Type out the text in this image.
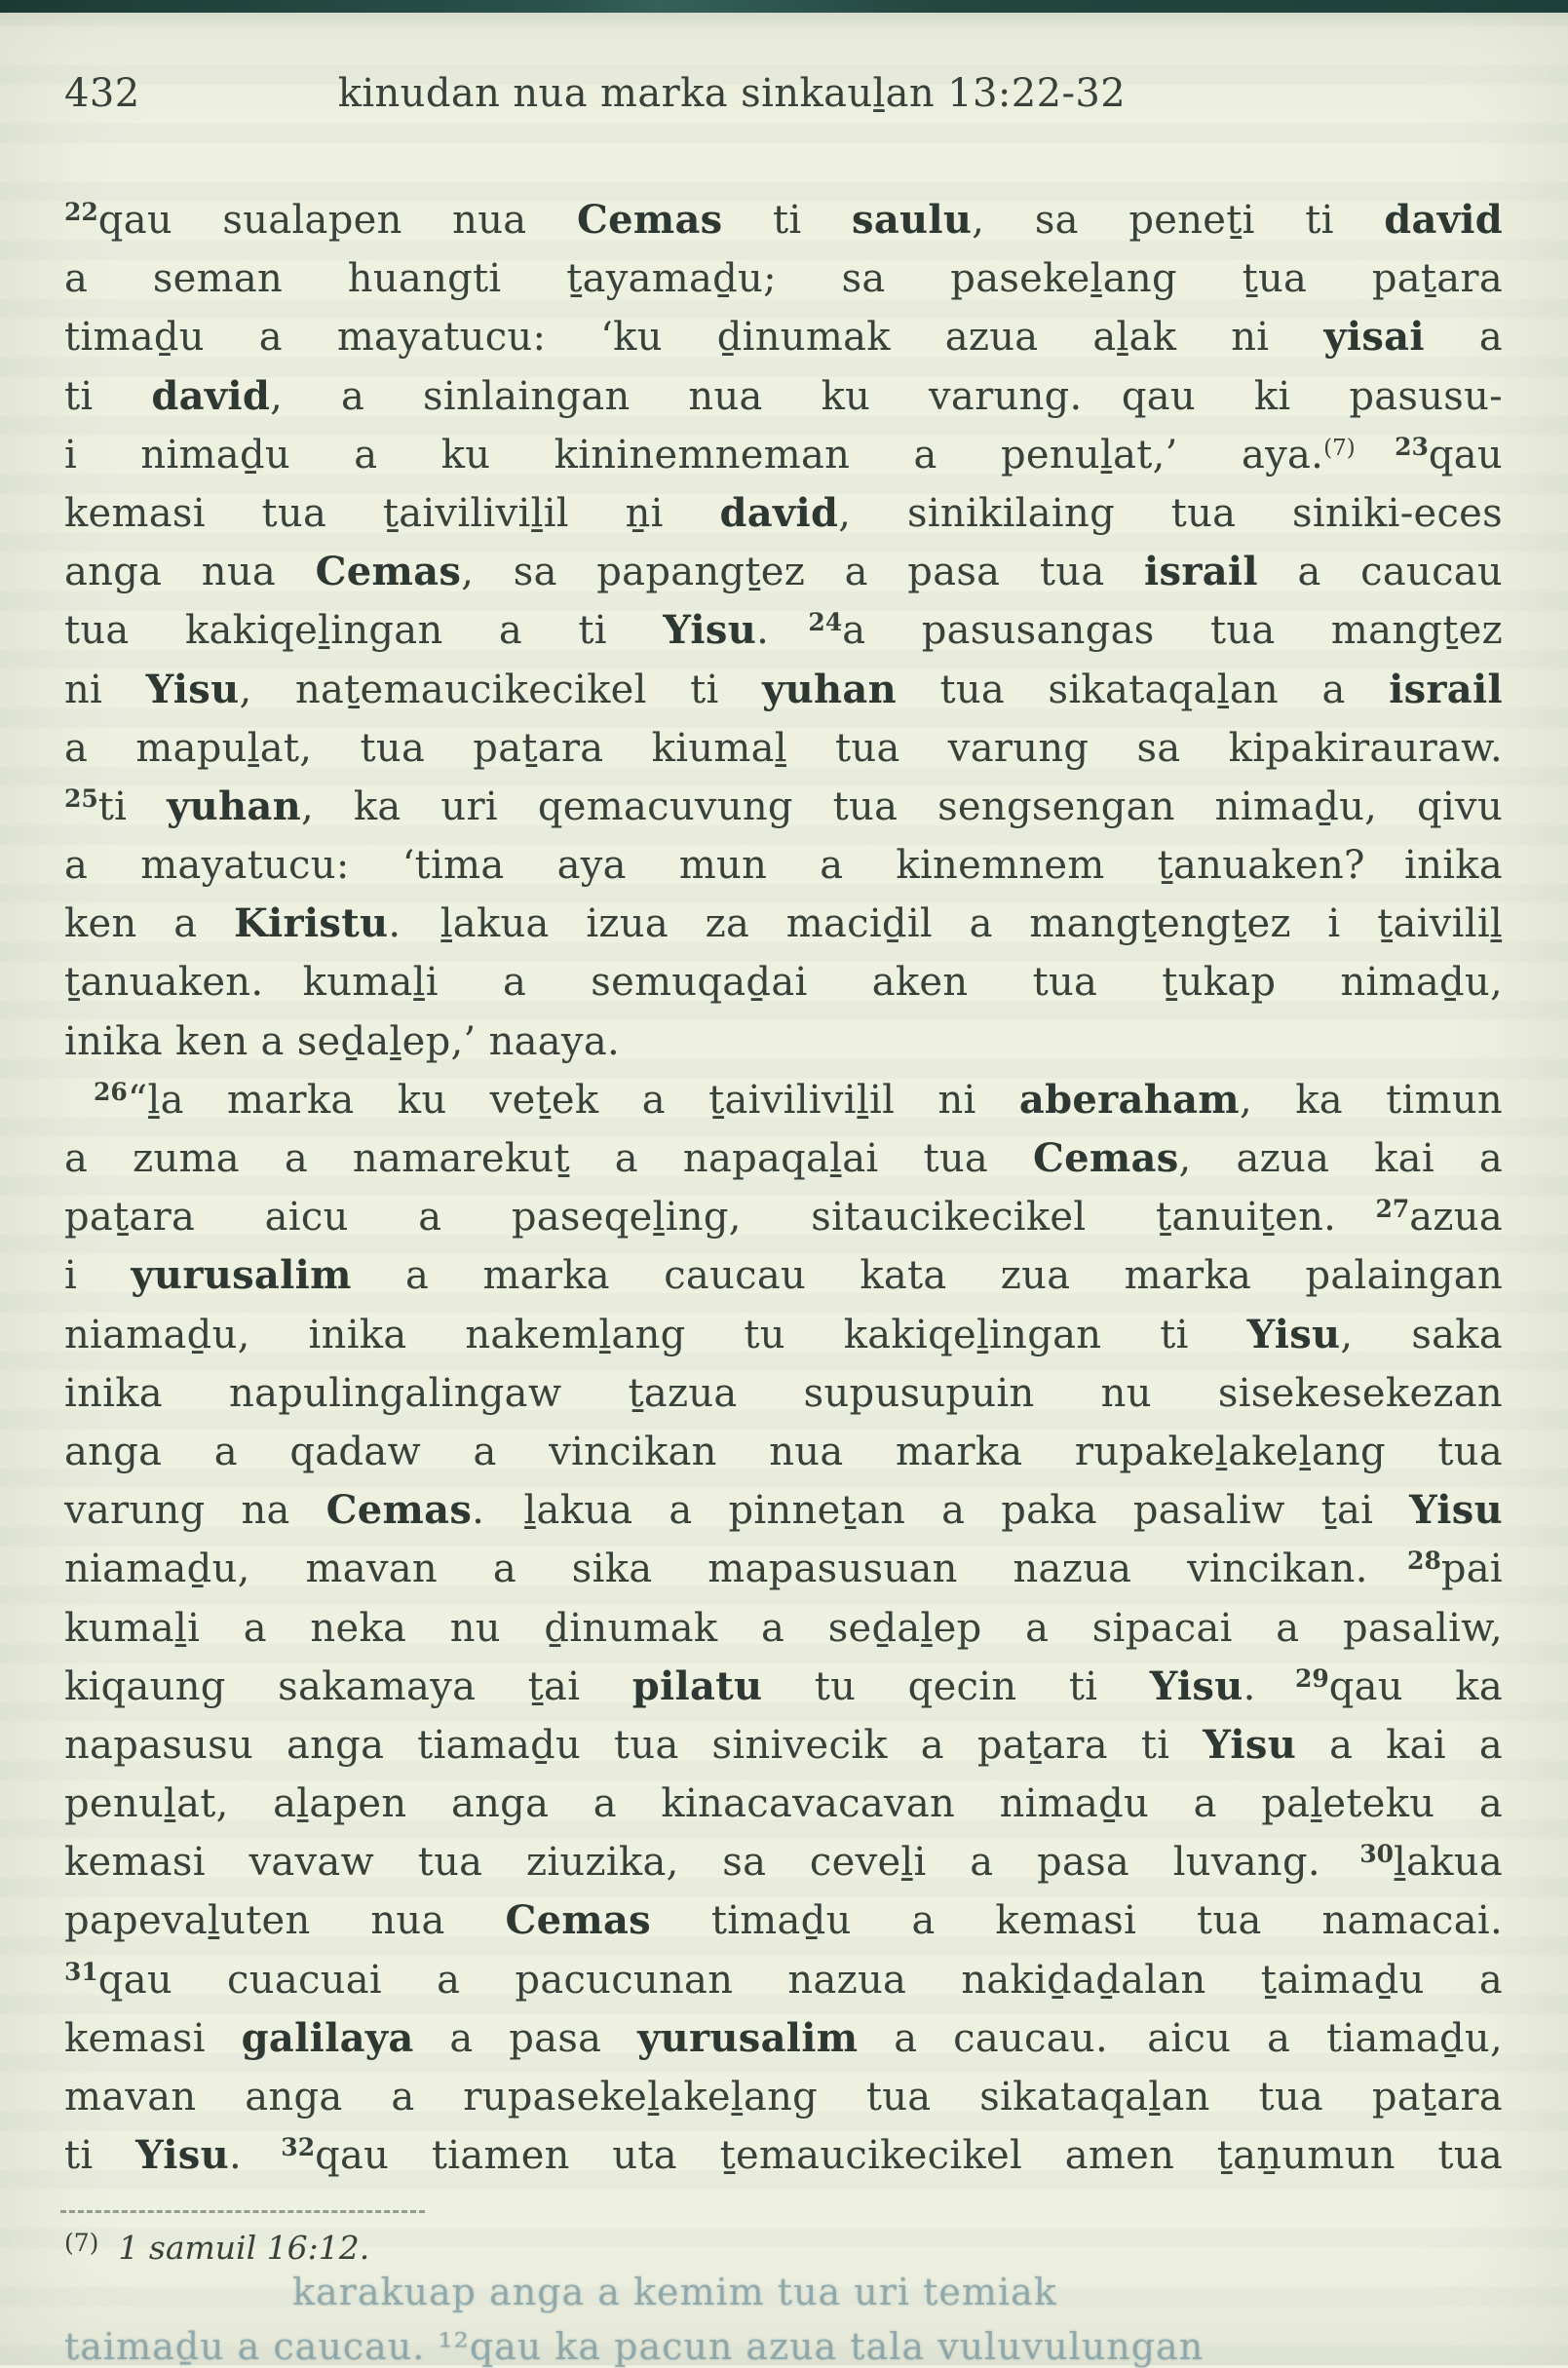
432	kinudan nua marka sinkauḻan 13:22-32
$^{22}$qau sualapen nua Cemas ti saulu, sa peneṯi ti david
a seman huangti ṯayamaḏu; sa pasekeḻang ṯua paṯara
timaḏu a mayatucu: ‘ku ḏinumak azua aḻak ni yisai a
ti david, a sinlaingan nua ku varung. qau ki pasusu-
i nimaḏu a ku kininemneman a penuḻat,’ aya.$^{(7)}$  $^{23}$qau
kemasi tua ṯaiviliviḻil ṉi david, sinikilaing tua siniki-eces
anga nua Cemas, sa papangṯez a pasa tua israil a caucau
tua kakiqeḻingan a ti Yisu. $^{24}$a pasusangas tua mangṯez
ni Yisu, naṯemaucikecikel ti yuhan tua sikataqaḻan a israil
a mapuḻat, tua paṯara kiumaḻ tua varung sa kipakirauraw.
$^{25}$ti yuhan, ka uri qemacuvung tua sengsengan nimaḏu, qivu
a mayatucu: ‘tima aya mun a kinemnem ṯanuaken? inika
ken a Kiristu. ḻakua izua za maciḏil a mangṯengṯez i ṯaiviliḻ
ṯanuaken. kumaḻi a semuqaḏai aken tua ṯukap nimaḏu,
inika ken a seḏaḻep,’ naaya.
$^{26}$“ḻa marka ku veṯek a ṯaiviliviḻil ni aberaham, ka timun
a zuma a namarekuṯ a napaqaḻai tua Cemas, azua kai a
paṯara aicu a paseqeḻing, sitaucikecikel ṯanuiṯen. $^{27}$azua
i yurusalim a marka caucau kata zua marka palaingan
niamaḏu, inika nakemḻang tu kakiqeḻingan ti Yisu, saka
inika napulingalingaw ṯazua supusupuin nu sisekesekezan
anga a qadaw a vincikan nua marka rupakeḻakeḻang tua
varung na Cemas. ḻakua a pinneṯan a paka pasaliw ṯai Yisu
niamaḏu, mavan a sika mapasusuan nazua vincikan. $^{28}$pai
kumaḻi a neka nu ḏinumak a seḏaḻep a sipacai a pasaliw,
kiqaung sakamaya ṯai pilatu tu qecin ti Yisu. $^{29}$qau ka
napasusu anga tiamaḏu tua sinivecik a paṯara ti Yisu a kai a
penuḻat, aḻapen anga a kinacavacavan nimaḏu a paḻeteku a
kemasi vavaw tua ziuzika, sa ceveḻi a pasa luvang. $^{30}$ḻakua
papevaḻuten nua Cemas timaḏu a kemasi tua namacai.
$^{31}$qau cuacuai a pacucunan nazua nakiḏaḏalan ṯaimaḏu a
kemasi galilaya a pasa yurusalim a caucau. aicu a tiamaḏu,
mavan anga a rupasekeḻakeḻang tua sikataqaḻan tua paṯara
ti Yisu. $^{32}$qau tiamen uta ṯemaucikecikel amen ṯaṉumun tua
$^{(7)}$ 1 samuil 16:12.
karakuap anga a kemim tua uri temiak
taimaḏu a caucau. ¹²qau ka pacun azua tala vuluvulungan
